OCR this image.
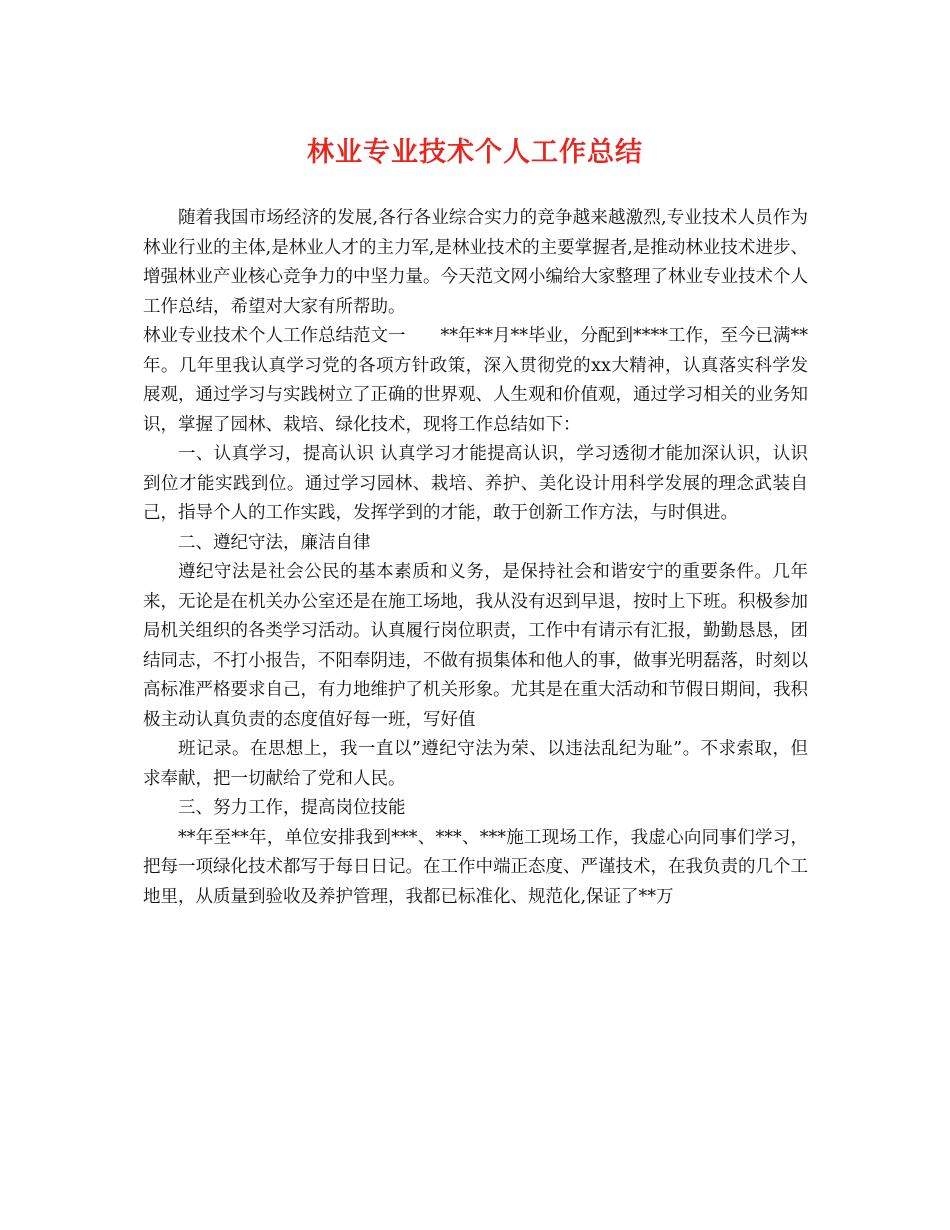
林业专业技术个人工作总结

随着我国市场经济的发展,各行各业综合实力的竞争越来越激烈,专业技术人员作为林业行业的主体,是林业人才的主力军,是林业技术的主要掌握者,是推动林业技术进步、增强林业产业核心竞争力的中坚力量。今天范文网小编给大家整理了林业专业技术个人工作总结，希望对大家有所帮助。

林业专业技术个人工作总结范文一　　**年**月**毕业，分配到****工作，至今已满**年。几年里我认真学习党的各项方针政策，深入贯彻党的xx大精神，认真落实科学发展观，通过学习与实践树立了正确的世界观、人生观和价值观，通过学习相关的业务知识，掌握了园林、栽培、绿化技术，现将工作总结如下：

一、认真学习，提高认识 认真学习才能提高认识，学习透彻才能加深认识，认识到位才能实践到位。通过学习园林、栽培、养护、美化设计用科学发展的理念武装自己，指导个人的工作实践，发挥学到的才能，敢于创新工作方法，与时俱进。

二、遵纪守法，廉洁自律

遵纪守法是社会公民的基本素质和义务，是保持社会和谐安宁的重要条件。几年来，无论是在机关办公室还是在施工场地，我从没有迟到早退，按时上下班。积极参加局机关组织的各类学习活动。认真履行岗位职责，工作中有请示有汇报，勤勤恳恳，团结同志，不打小报告，不阳奉阴违，不做有损集体和他人的事，做事光明磊落，时刻以高标准严格要求自己，有力地维护了机关形象。尤其是在重大活动和节假日期间，我积极主动认真负责的态度值好每一班，写好值

班记录。在思想上，我一直以”遵纪守法为荣、以违法乱纪为耻”。不求索取，但求奉献，把一切献给了党和人民。

三、努力工作，提高岗位技能

**年至**年，单位安排我到***、***、***施工现场工作，我虚心向同事们学习，把每一项绿化技术都写于每日日记。在工作中端正态度、严谨技术，在我负责的几个工地里，从质量到验收及养护管理，我都已标准化、规范化,保证了**万
